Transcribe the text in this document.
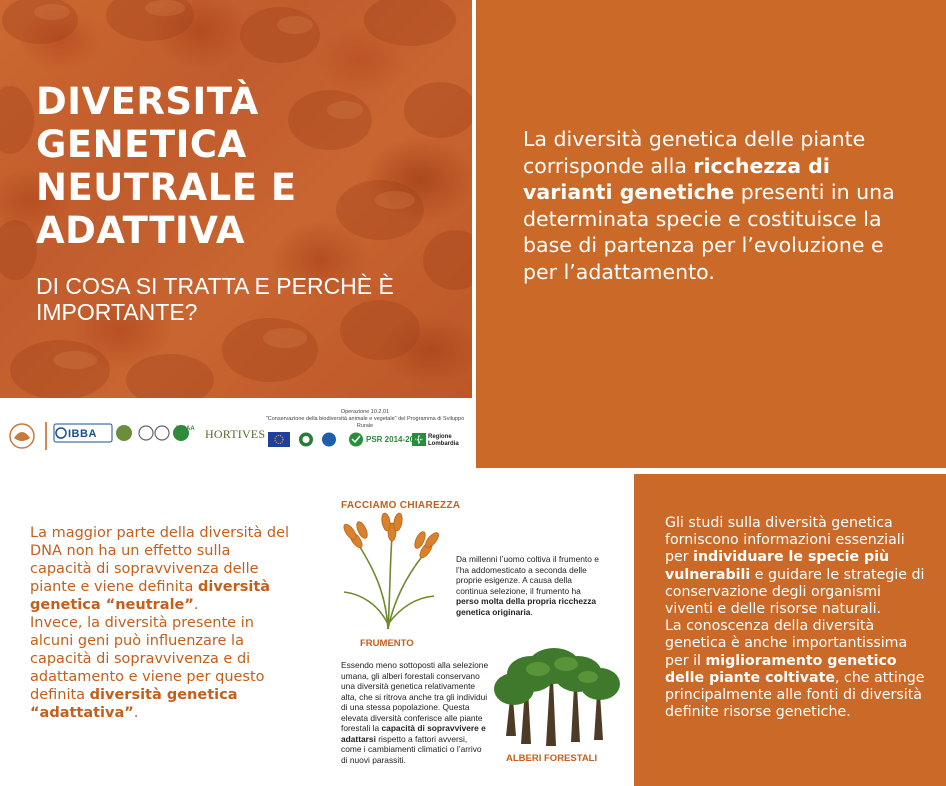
DIVERSITÀ
GENETICA
NEUTRALE E
ADATTIVA
DI COSA SI TRATTA E PERCHÈ È IMPORTANTE?
IBBA	DISAA HORTIVES	PSR 2014-2020 Regione Lombardia
Operazione 10.2.01
"Conservazione della biodiversità animale e vegetale" del Programma di Sviluppo Rurale
La diversità genetica delle piante corrisponde alla ricchezza di varianti genetiche presenti in una determinata specie e costituisce la base di partenza per l’evoluzione e per l’adattamento.
La maggior parte della diversità del DNA non ha un effetto sulla capacità di sopravvivenza delle piante e viene definita diversità genetica “neutrale”.
Invece, la diversità presente in alcuni geni può influenzare la capacità di sopravvivenza e di adattamento e viene per questo definita diversità genetica “adattativa”.
FACCIAMO CHIAREZZA
Da millenni l’uomo coltiva il frumento e l’ha addomesticato a seconda delle proprie esigenze. A causa della continua selezione, il frumento ha perso molta della propria ricchezza genetica originaria.
FRUMENTO
Essendo meno sottoposti alla selezione umana, gli alberi forestali conservano una diversità genetica relativamente alta, che si ritrova anche tra gli individui di una stessa popolazione. Questa elevata diversità conferisce alle piante forestali la capacità di sopravvivere e adattarsi rispetto a fattori avversi, come i cambiamenti climatici o l’arrivo di nuovi parassiti.	ALBERI FORESTALI
Gli studi sulla diversità genetica forniscono informazioni essenziali per individuare le specie più vulnerabili e guidare le strategie di conservazione degli organismi viventi e delle risorse naturali.
La conoscenza della diversità genetica è anche importantissima per il miglioramento genetico delle piante coltivate, che attinge principalmente alle fonti di diversità definite risorse genetiche.
